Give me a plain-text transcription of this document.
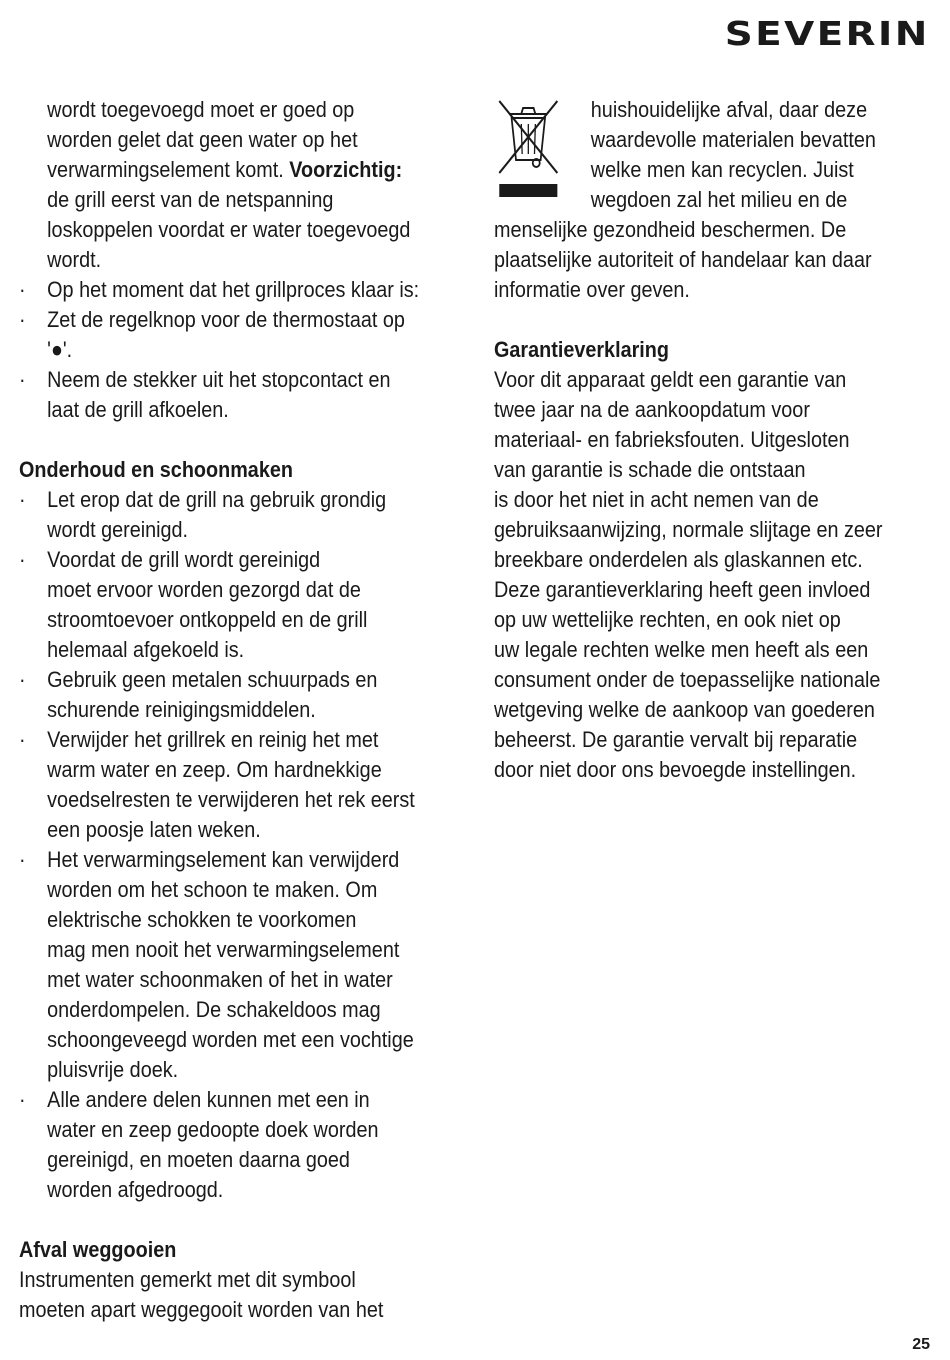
SEVERIN
wordt toegevoegd moet er goed op
worden gelet dat geen water op het
verwarmingselement komt. Voorzichtig:
de grill eerst van de netspanning
loskoppelen voordat er water toegevoegd
wordt.
· Op het moment dat het grillproces klaar is:
· Zet de regelknop voor de thermostaat op
'●'.
· Neem de stekker uit het stopcontact en
laat de grill afkoelen.
Onderhoud en schoonmaken
· Let erop dat de grill na gebruik grondig
wordt gereinigd.
· Voordat de grill wordt gereinigd
moet ervoor worden gezorgd dat de
stroomtoevoer ontkoppeld en de grill
helemaal afgekoeld is.
· Gebruik geen metalen schuurpads en
schurende reinigingsmiddelen.
· Verwijder het grillrek en reinig het met
warm water en zeep. Om hardnekkige
voedselresten te verwijderen het rek eerst
een poosje laten weken.
· Het verwarmingselement kan verwijderd
worden om het schoon te maken. Om
elektrische schokken te voorkomen
mag men nooit het verwarmingselement
met water schoonmaken of het in water
onderdompelen. De schakeldoos mag
schoongeveegd worden met een vochtige
pluisvrije doek.
· Alle andere delen kunnen met een in
water en zeep gedoopte doek worden
gereinigd, en moeten daarna goed
worden afgedroogd.
Afval weggooien
Instrumenten gemerkt met dit symbool
moeten apart weggegooit worden van het
huishouidelijke afval, daar deze
waardevolle materialen bevatten
welke men kan recyclen. Juist
wegdoen zal het milieu en de
menselijke gezondheid beschermen. De
plaatselijke autoriteit of handelaar kan daar
informatie over geven.
Garantieverklaring
Voor dit apparaat geldt een garantie van
twee jaar na de aankoopdatum voor
materiaal- en fabrieksfouten. Uitgesloten
van garantie is schade die ontstaan
is door het niet in acht nemen van de
gebruiksaanwijzing, normale slijtage en zeer
breekbare onderdelen als glaskannen etc.
Deze garantieverklaring heeft geen invloed
op uw wettelijke rechten, en ook niet op
uw legale rechten welke men heeft als een
consument onder de toepasselijke nationale
wetgeving welke de aankoop van goederen
beheerst. De garantie vervalt bij reparatie
door niet door ons bevoegde instellingen.
25
